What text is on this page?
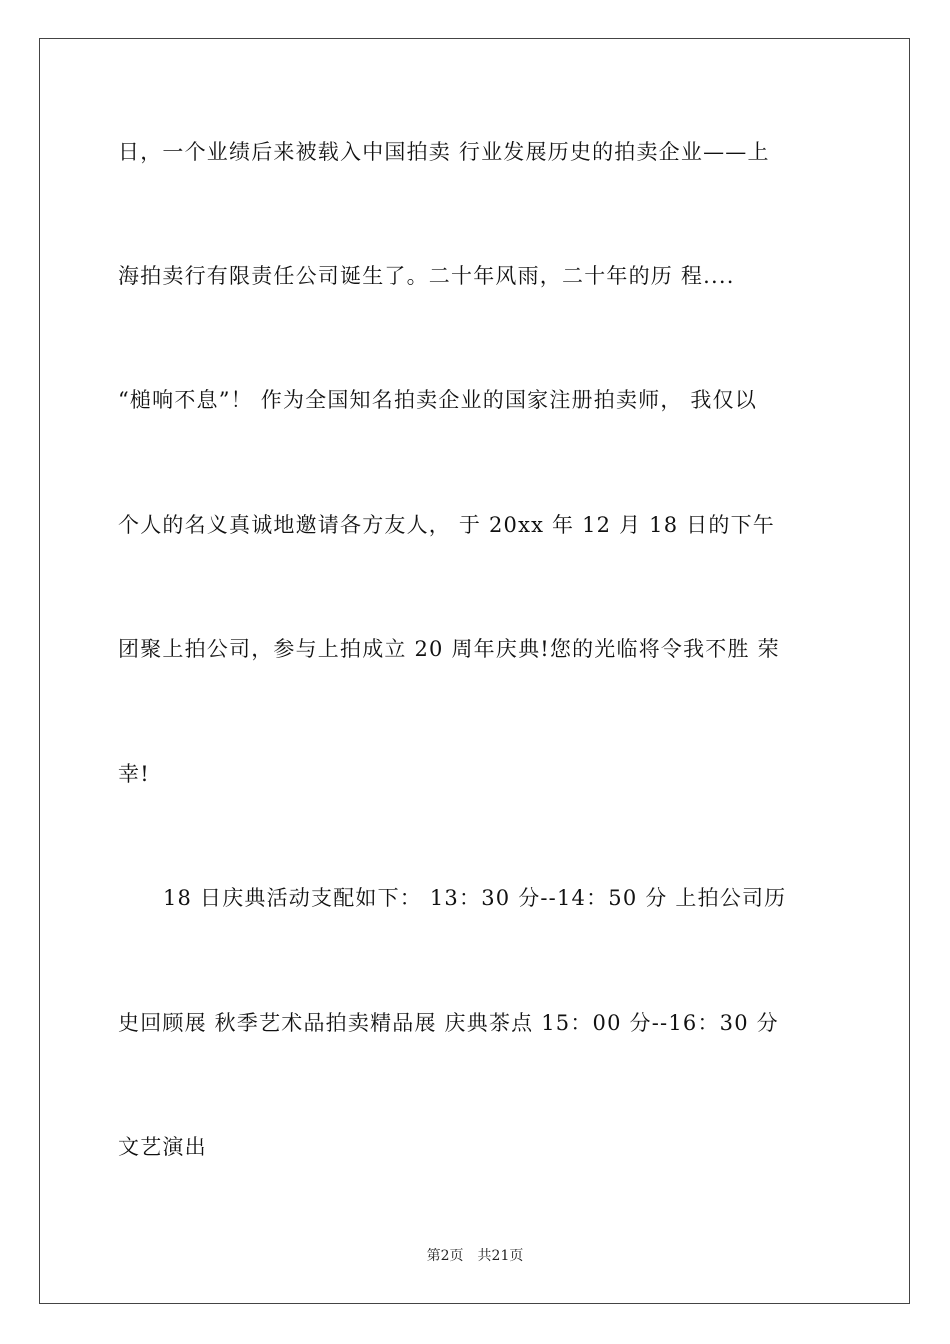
日，一个业绩后来被载入中国拍卖 行业发展历史的拍卖企业——上
海拍卖行有限责任公司诞生了。二十年风雨，二十年的历 程....
“槌响不息”！ 作为全国知名拍卖企业的国家注册拍卖师， 我仅以
个人的名义真诚地邀请各方友人， 于 20xx 年 12 月 18 日的下午
团聚上拍公司，参与上拍成立 20 周年庆典!您的光临将令我不胜 荣
幸!
18 日庆典活动支配如下： 13：30 分--14：50 分 上拍公司历
史回顾展 秋季艺术品拍卖精品展 庆典茶点 15：00 分--16：30 分
文艺演出
第2页　共21页
